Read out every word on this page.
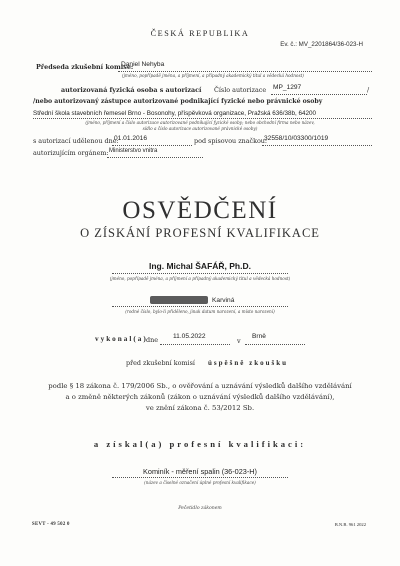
ČESKÁ REPUBLIKA
Ev. č.: MV_2201864/36-023-H
Předseda zkušební komise:
Daniel Nehyba
(jméno, popřípadě jména, a příjmení, a případný akademický titul a vědecká hodnost)
autorizovaná fyzická osoba s autorizací Číslo autorizace MP_1297	/
/nebo autorizovaný zástupce autorizované podnikající fyzické nebo právnické osoby
Střední škola stavebních řemesel Brno - Bosonohy, příspěvková organizace, Pražská 636/38b, 64200
(jméno, příjmení a číslo autorizace autorizované podnikající fyzické osoby; nebo obchodní firma nebo název,
sídlo a číslo autorizace autorizované právnické osoby)
s autorizací udělenou dne:
01.01.2016	pod spisovou značkou:
32558/10/03300/1019
autorizujícím orgánem: Ministerstvo vnitra
OSVĚDČENÍ
O ZÍSKÁNÍ PROFESNÍ KVALIFIKACE
Ing. Michal ŠAFÁŘ, Ph.D.
(jméno, popřípadě jména, a příjmení a případný akademický titul a vědecká hodnost)
Karviná
(rodné číslo, bylo-li přiděleno, jinak datum narození, a místo narození)
vykonal(a)
dne 11.05.2022
v
Brně
před zkušební komisí úspěšně zkoušku
podle § 18 zákona č. 179/2006 Sb., o ověřování a uznávání výsledků dalšího vzdělávání
a o změně některých zákonů (zákon o uznávání výsledků dalšího vzdělávání),
ve znění zákona č. 53/2012 Sb.
a získal(a) profesní kvalifikaci:
Kominík - měření spalin (36-023-H)
(název a číselné označení úplné profesní kvalifikace)
Pečetidlo zákonem
SEVT - 49 502 0	B.N.B. 961 2022
